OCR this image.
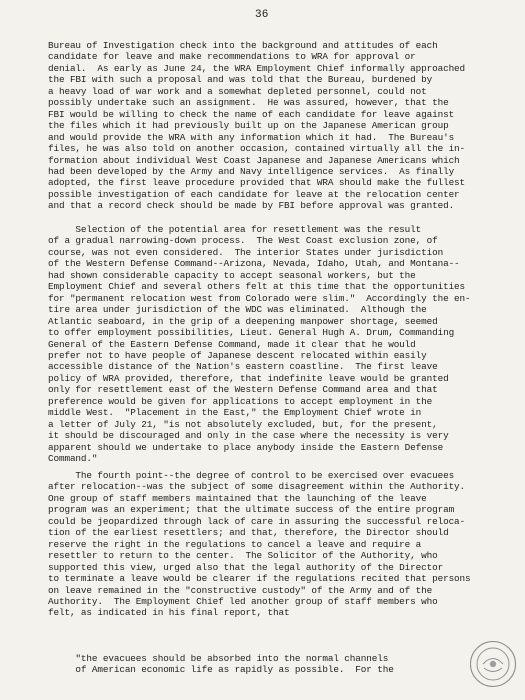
36
Bureau of Investigation check into the background and attitudes of each
candidate for leave and make recommendations to WRA for approval or
denial.  As early as June 24, the WRA Employment Chief informally approached
the FBI with such a proposal and was told that the Bureau, burdened by
a heavy load of war work and a somewhat depleted personnel, could not
possibly undertake such an assignment.  He was assured, however, that the
FBI would be willing to check the name of each candidate for leave against
the files which it had previously built up on the Japanese American group
and would provide the WRA with any information which it had.  The Bureau's
files, he was also told on another occasion, contained virtually all the in-
formation about individual West Coast Japanese and Japanese Americans which
had been developed by the Army and Navy intelligence services.  As finally
adopted, the first leave procedure provided that WRA should make the fullest
possible investigation of each candidate for leave at the relocation center
and that a record check should be made by FBI before approval was granted.
Selection of the potential area for resettlement was the result
of a gradual narrowing-down process.  The West Coast exclusion zone, of
course, was not even considered.  The interior States under jurisdiction
of the Western Defense Command--Arizona, Nevada, Idaho, Utah, and Montana--
had shown considerable capacity to accept seasonal workers, but the
Employment Chief and several others felt at this time that the opportunities
for "permanent relocation west from Colorado were slim."  Accordingly the en-
tire area under jurisdiction of the WDC was eliminated.  Although the
Atlantic seaboard, in the grip of a deepening manpower shortage, seemed
to offer employment possibilities, Lieut. General Hugh A. Drum, Commanding
General of the Eastern Defense Command, made it clear that he would
prefer not to have people of Japanese descent relocated within easily
accessible distance of the Nation's eastern coastline.  The first leave
policy of WRA provided, therefore, that indefinite leave would be granted
only for resettlement east of the Western Defense Command area and that
preference would be given for applications to accept employment in the
middle West.  "Placement in the East," the Employment Chief wrote in
a letter of July 21, "is not absolutely excluded, but, for the present,
it should be discouraged and only in the case where the necessity is very
apparent should we undertake to place anybody inside the Eastern Defense
Command."
The fourth point--the degree of control to be exercised over evacuees
after relocation--was the subject of some disagreement within the Authority.
One group of staff members maintained that the launching of the leave
program was an experiment; that the ultimate success of the entire program
could be jeopardized through lack of care in assuring the successful reloca-
tion of the earliest resettlers; and that, therefore, the Director should
reserve the right in the regulations to cancel a leave and require a
resettler to return to the center.  The Solicitor of the Authority, who
supported this view, urged also that the legal authority of the Director
to terminate a leave would be clearer if the regulations recited that persons
on leave remained in the "constructive custody" of the Army and of the
Authority.  The Employment Chief led another group of staff members who
felt, as indicated in his final report, that
"the evacuees should be absorbed into the normal channels
of American economic life as rapidly as possible.  For the
